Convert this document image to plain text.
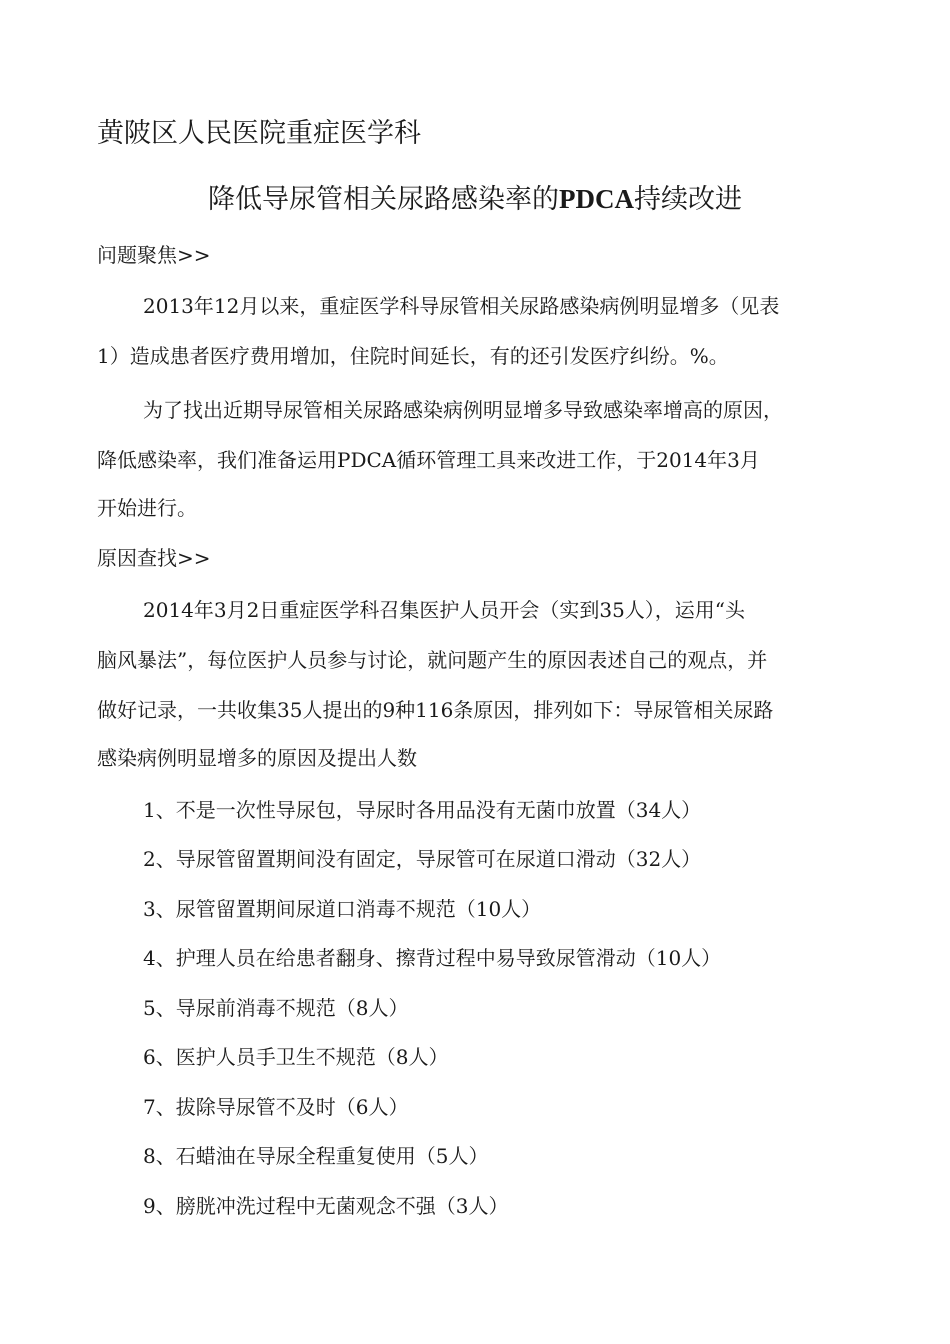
黄陂区人民医院重症医学科
降低导尿管相关尿路感染率的PDCA持续改进
问题聚焦>>
2013年12月以来，重症医学科导尿管相关尿路感染病例明显增多（见表
1）造成患者医疗费用增加，住院时间延长，有的还引发医疗纠纷。%。
为了找出近期导尿管相关尿路感染病例明显增多导致感染率增高的原因，
降低感染率，我们准备运用PDCA循环管理工具来改进工作，于2014年3月
开始进行。
原因查找>>
2014年3月2日重症医学科召集医护人员开会（实到35人），运用“头
脑风暴法”，每位医护人员参与讨论，就问题产生的原因表述自己的观点，并
做好记录，一共收集35人提出的9种116条原因，排列如下：导尿管相关尿路
感染病例明显增多的原因及提出人数
1、不是一次性导尿包，导尿时各用品没有无菌巾放置（34人）
2、导尿管留置期间没有固定，导尿管可在尿道口滑动（32人）
3、尿管留置期间尿道口消毒不规范（10人）
4、护理人员在给患者翻身、擦背过程中易导致尿管滑动（10人）
5、导尿前消毒不规范（8人）
6、医护人员手卫生不规范（8人）
7、拔除导尿管不及时（6人）
8、石蜡油在导尿全程重复使用（5人）
9、膀胱冲洗过程中无菌观念不强（3人）
